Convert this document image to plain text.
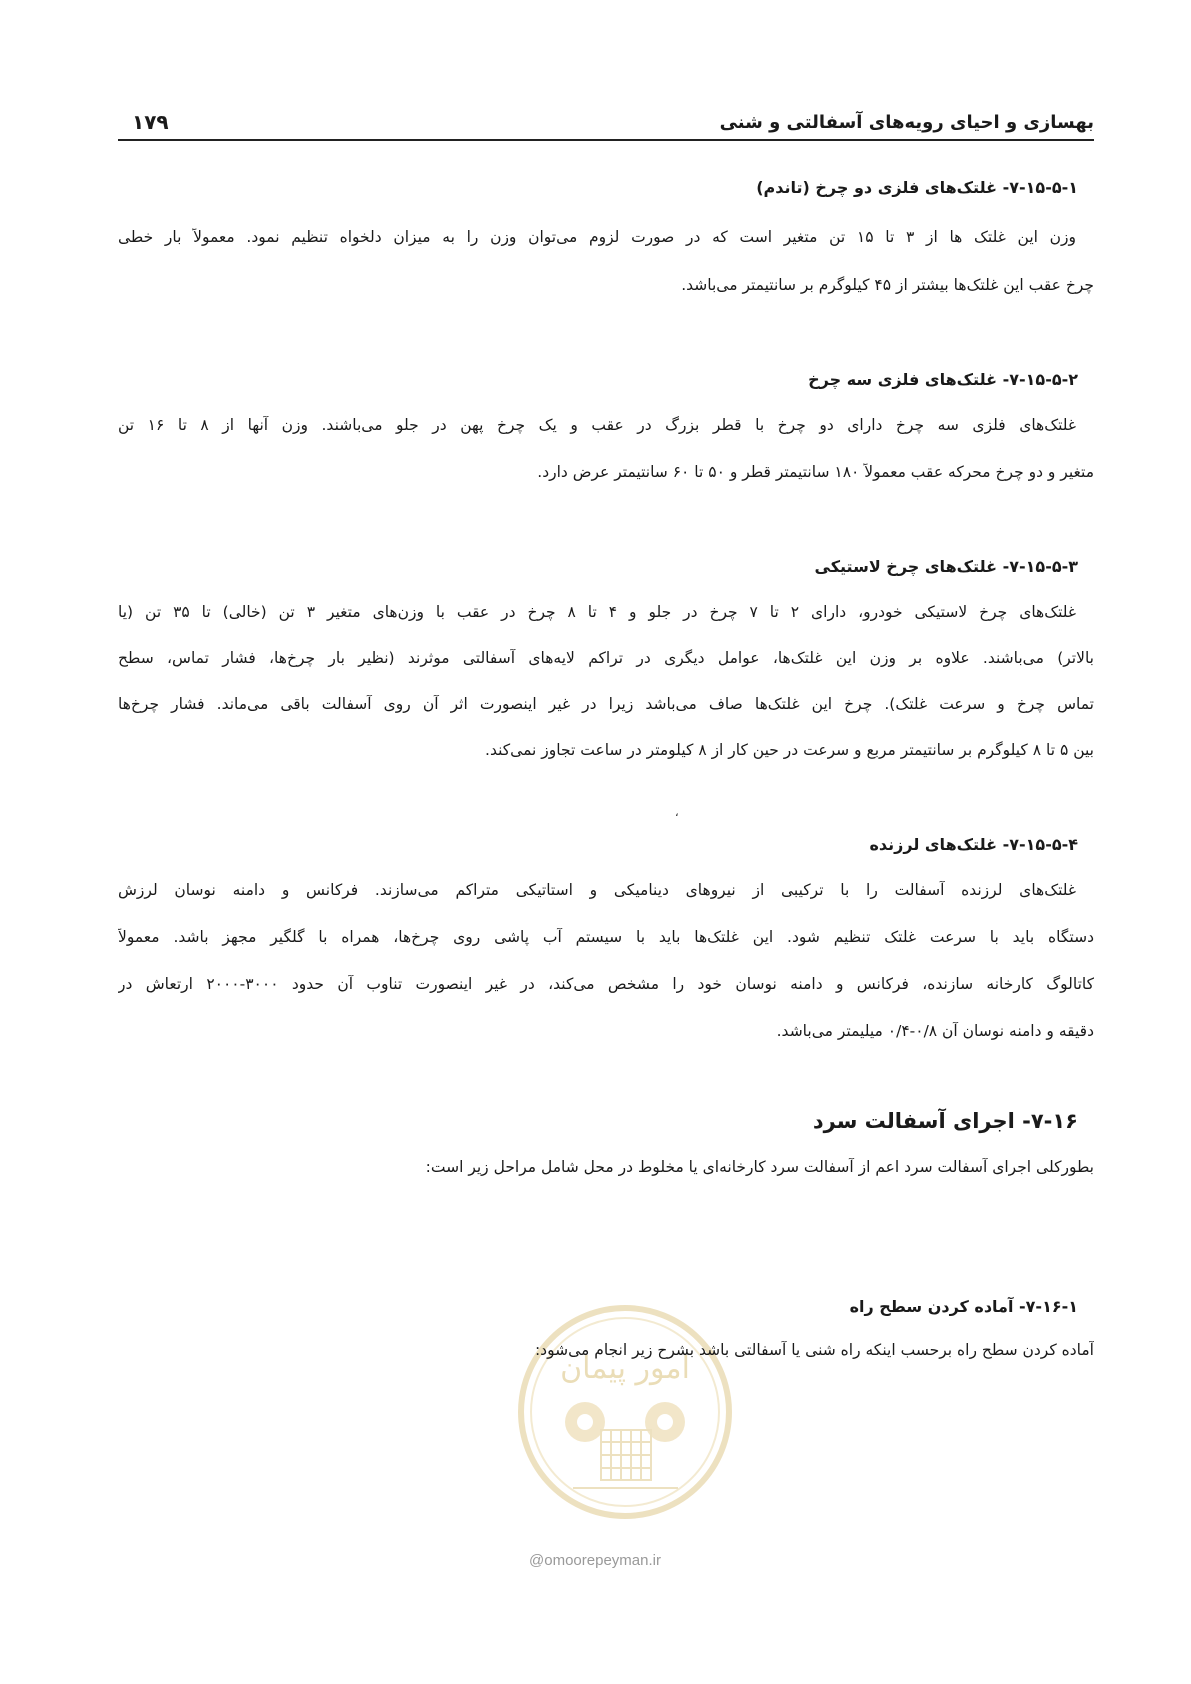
۱۷۹	بهسازی و احیای رویه‌های آسفالتی و شنی
۷-۱۵-۵-۱- غلتک‌های فلزی دو چرخ (تاندم)
وزن این غلتک ها از ۳ تا ۱۵ تن متغیر است که در صورت لزوم می‌توان وزن را به میزان دلخواه تنظیم نمود. معمولاً بار خطی
چرخ عقب این غلتک‌ها بیشتر از ۴۵ کیلوگرم بر سانتیمتر می‌باشد.
۷-۱۵-۵-۲- غلتک‌های فلزی سه چرخ
غلتک‌های فلزی سه چرخ دارای دو چرخ با قطر بزرگ در عقب و یک چرخ پهن در جلو می‌باشند. وزن آنها از ۸ تا ۱۶ تن
متغیر و دو چرخ محرکه عقب معمولاً ۱۸۰ سانتیمتر قطر و ۵۰ تا ۶۰ سانتیمتر عرض دارد.
۷-۱۵-۵-۳- غلتک‌های چرخ لاستیکی
غلتک‌های چرخ لاستیکی خودرو، دارای ۲ تا ۷ چرخ در جلو و ۴ تا ۸ چرخ در عقب با وزن‌های متغیر ۳ تن (خالی) تا ۳۵ تن (یا
بالاتر) می‌باشند. علاوه بر وزن این غلتک‌ها، عوامل دیگری در تراکم لایه‌های آسفالتی موثرند (نظیر بار چرخ‌ها، فشار تماس، سطح
تماس چرخ و سرعت غلتک). چرخ این غلتک‌ها صاف می‌باشد زیرا در غیر اینصورت اثر آن روی آسفالت باقی می‌ماند. فشار چرخ‌ها
بین ۵ تا ۸ کیلوگرم بر سانتیمتر مربع و سرعت در حین کار از ۸ کیلومتر در ساعت تجاوز نمی‌کند.
،
۷-۱۵-۵-۴- غلتک‌های لرزنده
غلتک‌های لرزنده آسفالت را با ترکیبی از نیروهای دینامیکی و استاتیکی متراکم می‌سازند. فرکانس و دامنه نوسان لرزش
دستگاه باید با سرعت غلتک تنظیم شود. این غلتک‌ها باید با سیستم آب پاشی روی چرخ‌ها، همراه با گلگیر مجهز باشد. معمولاً
کاتالوگ کارخانه سازنده، فرکانس و دامنه نوسان خود را مشخص می‌کند، در غیر اینصورت تناوب آن حدود ۳۰۰۰-۲۰۰۰ ارتعاش در
دقیقه و دامنه نوسان آن ۰/۸-۰/۴ میلیمتر می‌باشد.
۷-۱۶- اجرای آسفالت سرد
بطورکلی اجرای آسفالت سرد اعم از آسفالت سرد کارخانه‌ای یا مخلوط در محل شامل مراحل زیر است:
امور پیمان
۷-۱۶-۱- آماده کردن سطح راه
آماده کردن سطح راه برحسب اینکه راه شنی یا آسفالتی باشد بشرح زیر انجام می‌شود:
@omoorepeyman.ir
